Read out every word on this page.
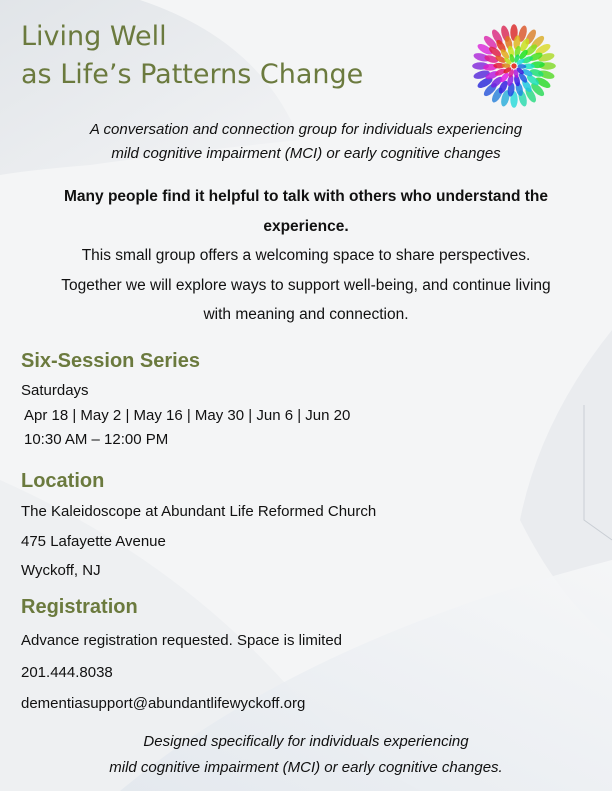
Living Well
as Life’s Patterns Change

A conversation and connection group for individuals experiencing
mild cognitive impairment (MCI) or early cognitive changes

Many people find it helpful to talk with others who understand the
experience.
This small group offers a welcoming space to share perspectives.
Together we will explore ways to support well-being, and continue living
with meaning and connection.
Six-Session Series
Saturdays
Apr 18 | May 2 | May 16 | May 30 | Jun 6 | Jun 20
10:30 AM – 12:00 PM
Location
The Kaleidoscope at Abundant Life Reformed Church
475 Lafayette Avenue
Wyckoff, NJ
Registration
Advance registration requested. Space is limited
201.444.8038
dementiasupport@abundantlifewyckoff.org

Designed specifically for individuals experiencing
mild cognitive impairment (MCI) or early cognitive changes.
